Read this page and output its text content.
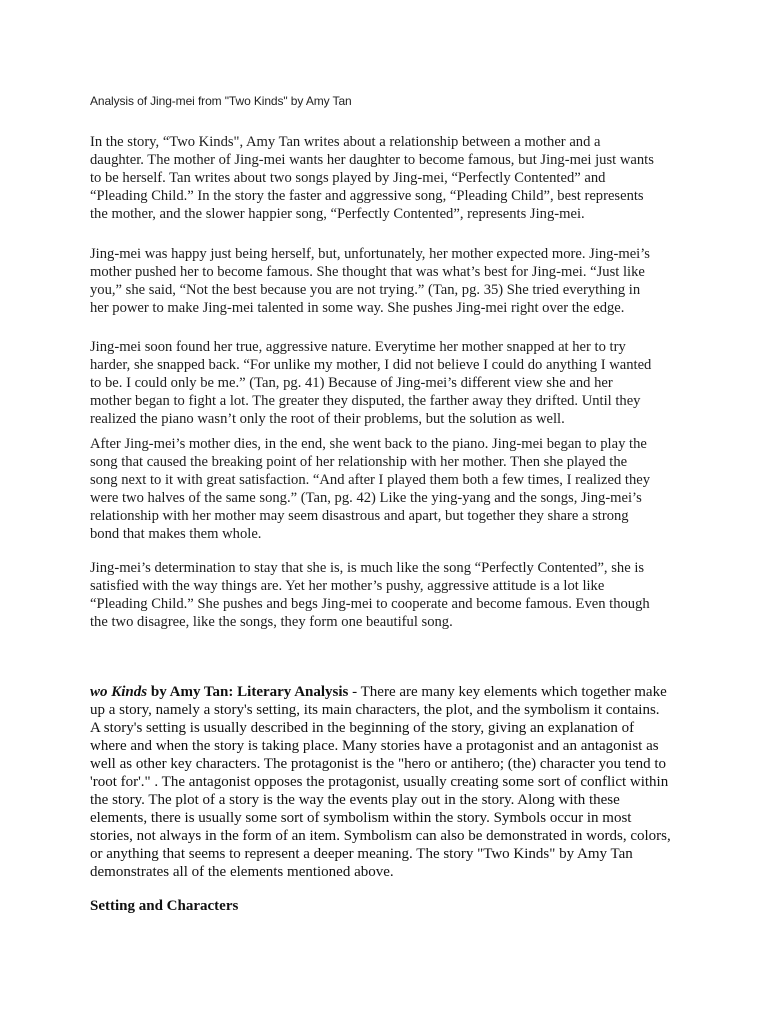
Analysis of Jing-mei from "Two Kinds" by Amy Tan

In the story, “Two Kinds", Amy Tan writes about a relationship between a mother and a
daughter. The mother of Jing-mei wants her daughter to become famous, but Jing-mei just wants
to be herself. Tan writes about two songs played by Jing-mei, “Perfectly Contented” and
“Pleading Child.” In the story the faster and aggressive song, “Pleading Child”, best represents
the mother, and the slower happier song, “Perfectly Contented”, represents Jing-mei.

Jing-mei was happy just being herself, but, unfortunately, her mother expected more. Jing-mei’s
mother pushed her to become famous. She thought that was what’s best for Jing-mei. “Just like
you,” she said, “Not the best because you are not trying.” (Tan, pg. 35) She tried everything in
her power to make Jing-mei talented in some way. She pushes Jing-mei right over the edge.

Jing-mei soon found her true, aggressive nature. Everytime her mother snapped at her to try
harder, she snapped back. “For unlike my mother, I did not believe I could do anything I wanted
to be. I could only be me.” (Tan, pg. 41) Because of Jing-mei’s different view she and her
mother began to fight a lot. The greater they disputed, the farther away they drifted. Until they
realized the piano wasn’t only the root of their problems, but the solution as well.

After Jing-mei’s mother dies, in the end, she went back to the piano. Jing-mei began to play the
song that caused the breaking point of her relationship with her mother. Then she played the
song next to it with great satisfaction. “And after I played them both a few times, I realized they
were two halves of the same song.” (Tan, pg. 42) Like the ying-yang and the songs, Jing-mei’s
relationship with her mother may seem disastrous and apart, but together they share a strong
bond that makes them whole.

Jing-mei’s determination to stay that she is, is much like the song “Perfectly Contented”, she is
satisfied with the way things are. Yet her mother’s pushy, aggressive attitude is a lot like
“Pleading Child.” She pushes and begs Jing-mei to cooperate and become famous. Even though
the two disagree, like the songs, they form one beautiful song.

wo Kinds by Amy Tan: Literary Analysis - There are many key elements which together make
up a story, namely a story's setting, its main characters, the plot, and the symbolism it contains.
A story's setting is usually described in the beginning of the story, giving an explanation of
where and when the story is taking place. Many stories have a protagonist and an antagonist as
well as other key characters. The protagonist is the "hero or antihero; (the) character you tend to
'root for'." . The antagonist opposes the protagonist, usually creating some sort of conflict within
the story. The plot of a story is the way the events play out in the story. Along with these
elements, there is usually some sort of symbolism within the story. Symbols occur in most
stories, not always in the form of an item. Symbolism can also be demonstrated in words, colors,
or anything that seems to represent a deeper meaning. The story "Two Kinds" by Amy Tan
demonstrates all of the elements mentioned above.

Setting and Characters
